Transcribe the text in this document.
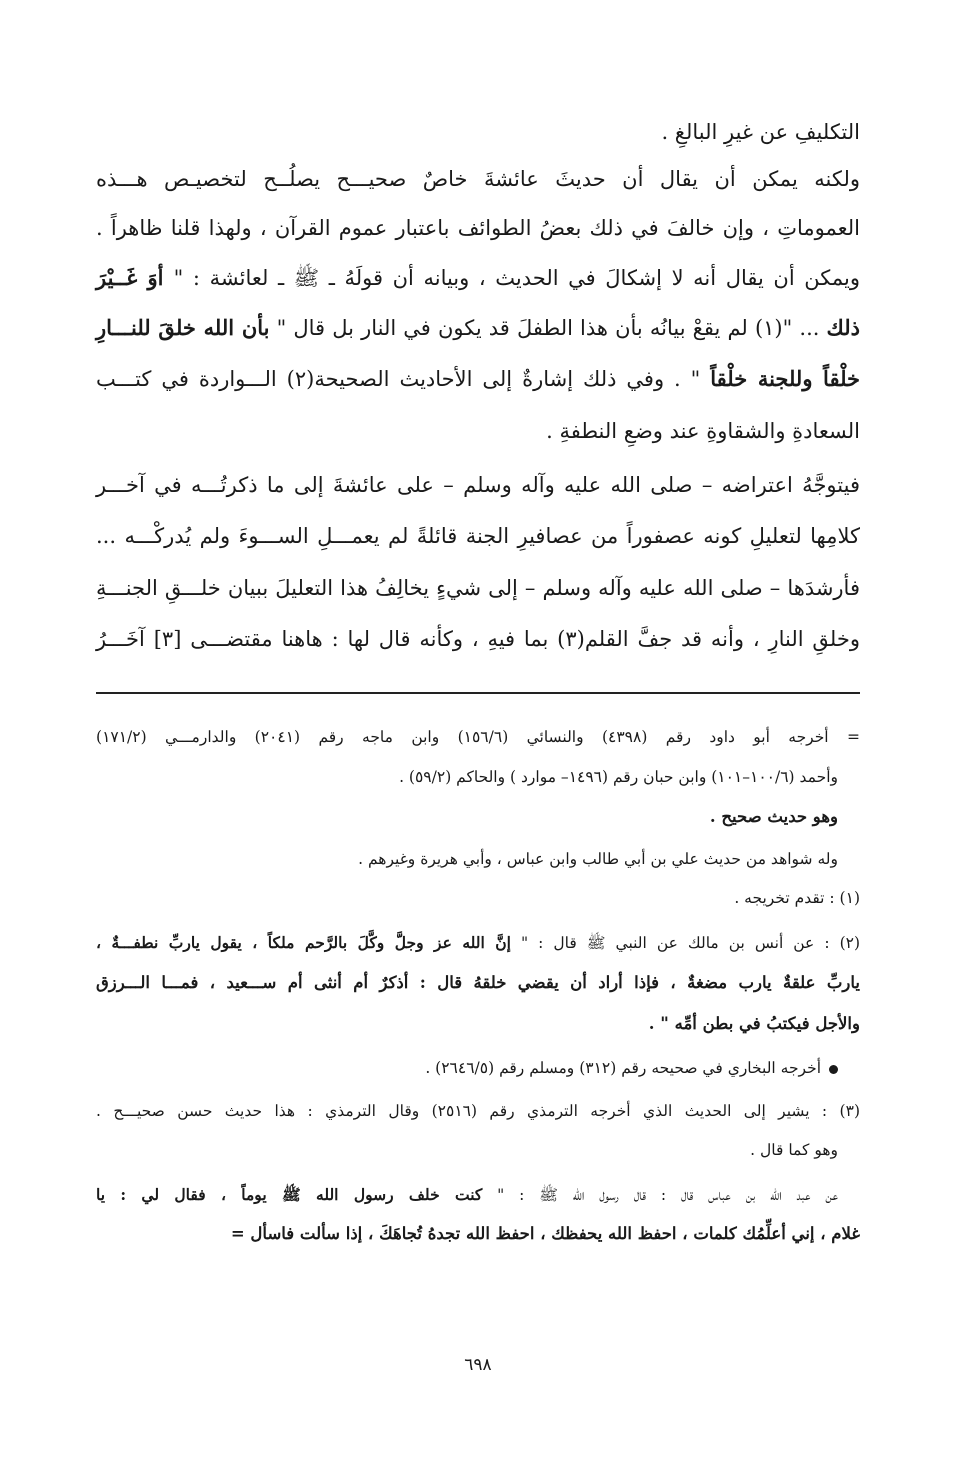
التكليفِ عن غيرِ البالغِ .
ولكنه يمكن أن يقال أن حديثَ عائشةَ خاصٌ صحيـــح يصلُــح لتخصيـص هـــذه
العموماتِ ، وإن خالفَ في ذلك بعضُ الطوائف باعتبار عموم القرآن ، ولهذا قلنا ظاهراً .
ويمكن أن يقال أنه لا إشكالَ في الحديث ، وبيانه أن قولَهُ ـ ﷺ ـ لعائشة : " أوَ غَــيْرَ
ذلك ... "(١) لم يقعْ بيانُه بأن هذا الطفلَ قد يكون في النار بل قال " بأن الله خلقَ للنـــارِ
خلْقاً وللجنة خلْقاً " . وفي ذلك إشارةٌ إلى الأحاديث الصحيحة(٢) الـــواردة في كتـــب
السعادةِ والشقاوةِ عند وضعِ النطفةِ .
فيتوجَّهُ اعتراضه – صلى الله عليه وآله وسلم – على عائشةَ إلى ما ذكرتُـــه في آخـــر
كلامِها لتعليلِ كونه عصفوراً من عصافيرِ الجنة قائلةً لم يعمـــلِ الســـوءَ ولم يُدركْـــه ...
فأرشدَها – صلى الله عليه وآله وسلم – إلى شيءٍ يخالِفُ هذا التعليلَ ببيان خلـــقِ الجنـــةِ
وخلقِ النارِ ، وأنه قد جفَّ القلم(٣) بما فيهِ ، وكأنه قال لها : هاهنا مقتضـــى [٣] آخَـــرُ
= أخرجه أبو داود رقم (٤٣٩٨) والنسائي (١٥٦/٦) وابن ماجه رقم (٢٠٤١) والدارمـــي (١٧١/٢)
وأحمد (١٠٠/٦–١٠١) وابن حبان رقم (١٤٩٦– موارد ) والحاكم (٥٩/٢) .
وهو حديث صحيح .
وله شواهد من حديث علي بن أبي طالب وابن عباس ، وأبي هريرة وغيرهم .
(١) : تقدم تخريجه .
(٢) : عن أنس بن مالك عن النبي ﷺ قال : " إنَّ الله عز وجلَّ وكَّلَ بالرَّحم ملكاً ، يقول ياربِّ نطفـــةٌ ،
ياربِّ علقةٌ يارب مضغةٌ ، فإذا أراد أن يقضي خلقهُ قال : أذكرٌ أم أنثى أم ســـعيد ، فمـــا الـــرزق
والأجل فيكتبُ في بطن أمِّه " .
أخرجه البخاري في صحيحه رقم (٣١٢) ومسلم رقم (٢٦٤٦/٥) .
(٣) : يشير إلى الحديث الذي أخرجه الترمذي رقم (٢٥١٦) وقال الترمذي : هذا حديث حسن صحيـــح .
وهو كما قال .
عن عبد الله بن عباس قال : قال رسول الله ﷺ : " كنت خلف رسول الله ﷺ يوماً ، فقال لي : يا
غلام ، إني أعلِّمُك كلمات ، احفظ الله يحفظك ، احفظ الله تجدهُ تُجاهَكَ ، إذا سألت فاسأل =
٦٩٨
